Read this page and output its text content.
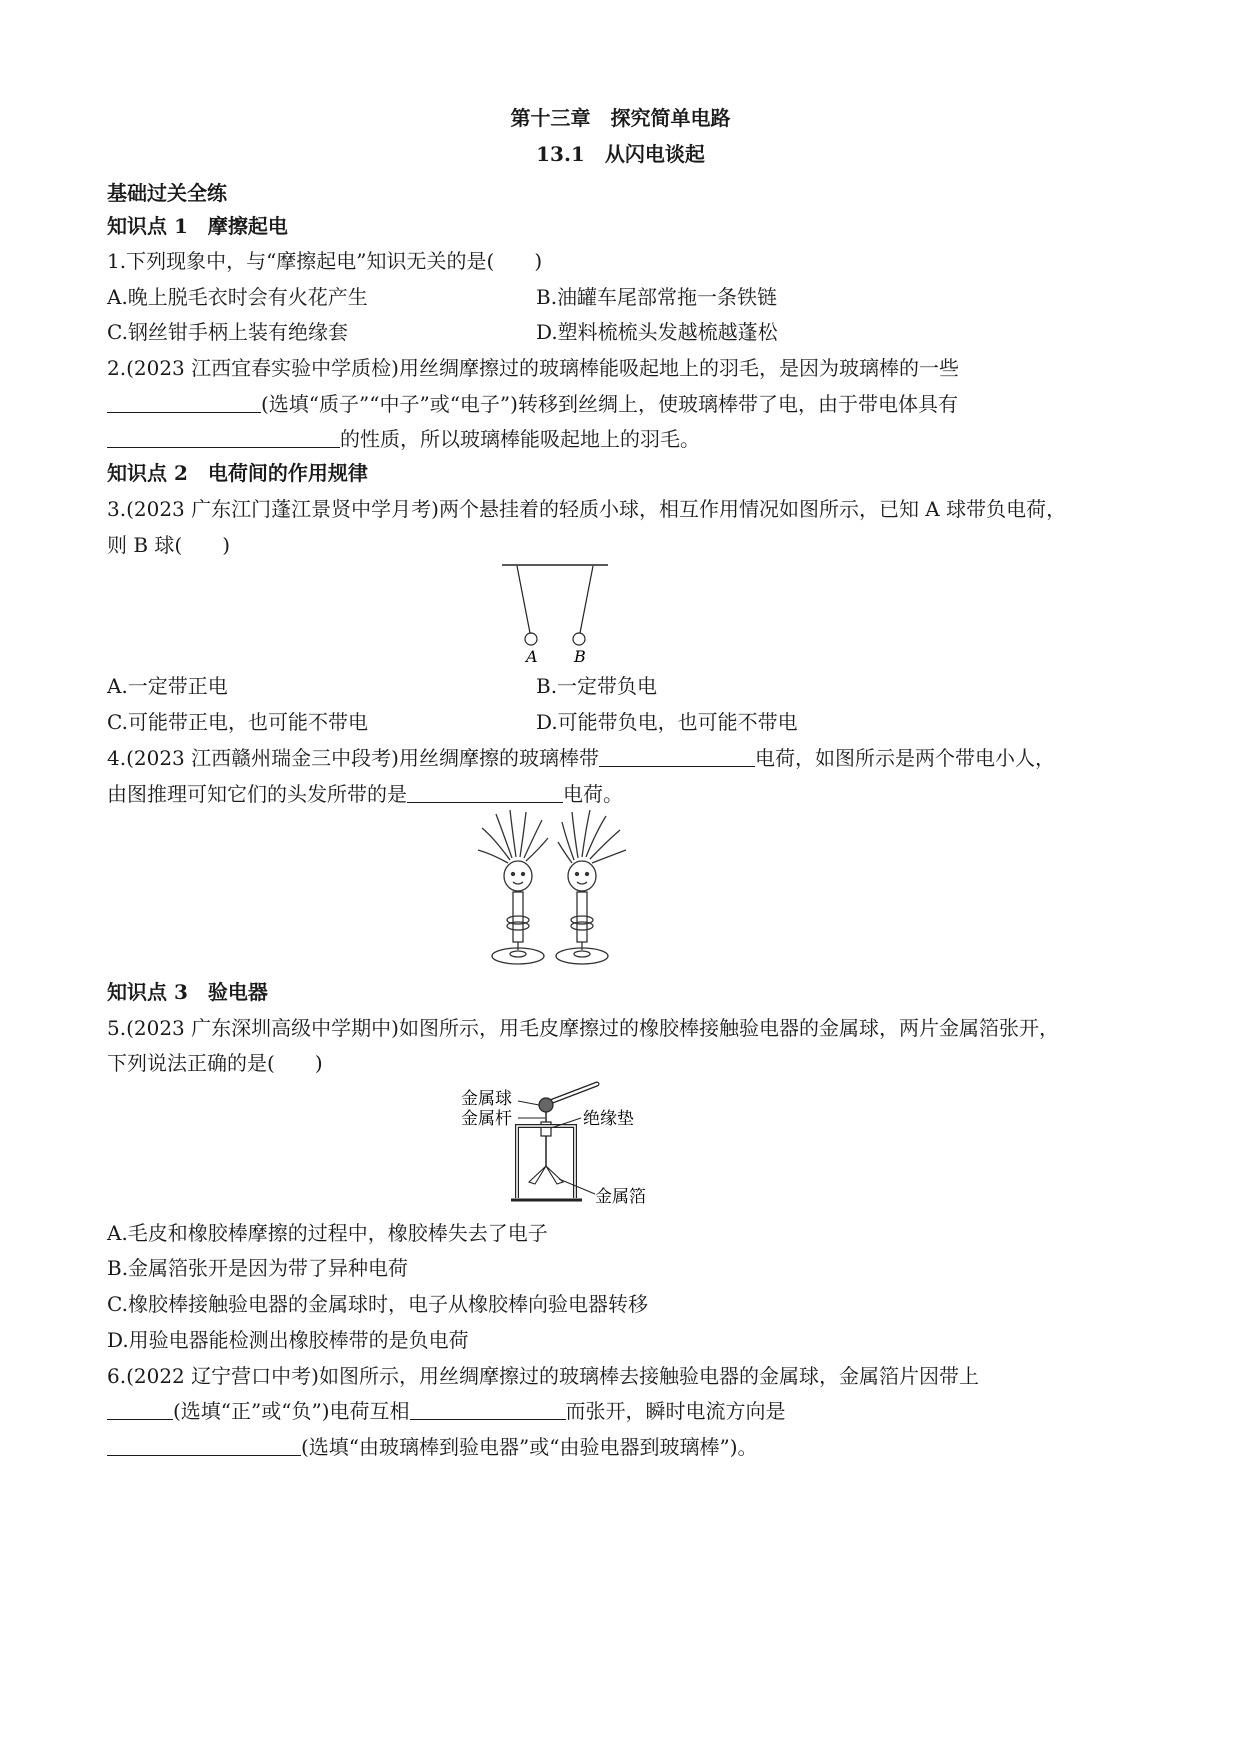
第十三章　探究简单电路
13.1　从闪电谈起
基础过关全练
知识点 1　摩擦起电
1.下列现象中，与“摩擦起电”知识无关的是( )
A.晚上脱毛衣时会有火花产生	B.油罐车尾部常拖一条铁链
C.钢丝钳手柄上装有绝缘套	D.塑料梳梳头发越梳越蓬松
2.(2023 江西宜春实验中学质检)用丝绸摩擦过的玻璃棒能吸起地上的羽毛，是因为玻璃棒的一些
(选填“质子”“中子”或“电子”)转移到丝绸上，使玻璃棒带了电，由于带电体具有
的性质，所以玻璃棒能吸起地上的羽毛。
知识点 2　电荷间的作用规律
3.(2023 广东江门蓬江景贤中学月考)两个悬挂着的轻质小球，相互作用情况如图所示，已知 A 球带负电荷，
则 B 球( )
A B
A.一定带正电	B.一定带负电
C.可能带正电，也可能不带电	D.可能带负电，也可能不带电
4.(2023 江西赣州瑞金三中段考)用丝绸摩擦的玻璃棒带	电荷，如图所示是两个带电小人，
由图推理可知它们的头发所带的是	电荷。
知识点 3　验电器
5.(2023 广东深圳高级中学期中)如图所示，用毛皮摩擦过的橡胶棒接触验电器的金属球，两片金属箔张开，
下列说法正确的是( )
金属球
金属杆	绝缘垫
金属箔
A.毛皮和橡胶棒摩擦的过程中，橡胶棒失去了电子
B.金属箔张开是因为带了异种电荷
C.橡胶棒接触验电器的金属球时，电子从橡胶棒向验电器转移
D.用验电器能检测出橡胶棒带的是负电荷
6.(2022 辽宁营口中考)如图所示，用丝绸摩擦过的玻璃棒去接触验电器的金属球，金属箔片因带上
(选填“正”或“负”)电荷互相	而张开，瞬时电流方向是
(选填“由玻璃棒到验电器”或“由验电器到玻璃棒”)。
